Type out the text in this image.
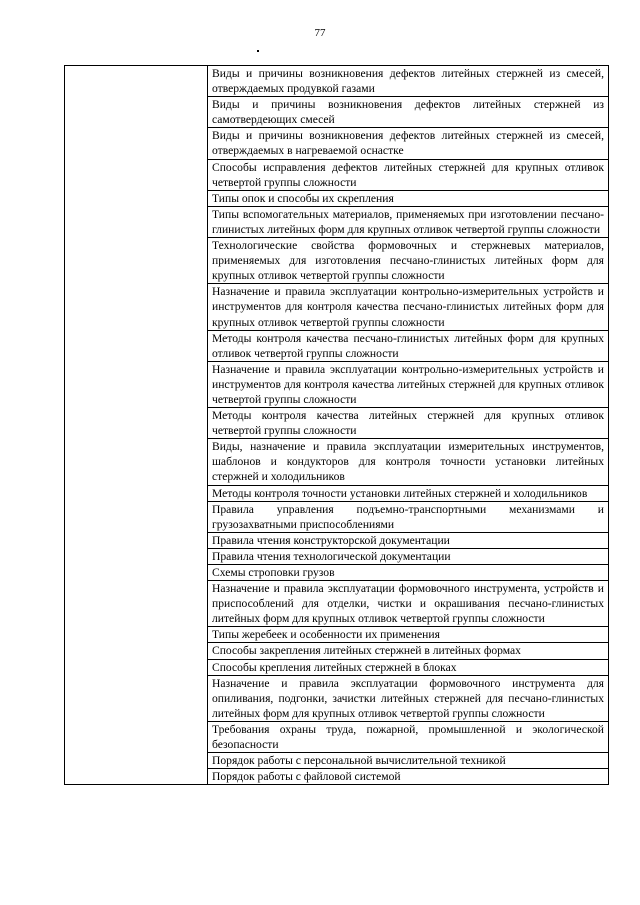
77
	Виды и причины возникновения дефектов литейных стержней из смесей, отверждаемых продувкой газами
Виды и причины возникновения дефектов литейных стержней из самотвердеющих смесей
Виды и причины возникновения дефектов литейных стержней из смесей, отверждаемых в нагреваемой оснастке
Способы исправления дефектов литейных стержней для крупных отливок четвертой группы сложности
Типы опок и способы их скрепления
Типы вспомогательных материалов, применяемых при изготовлении песчано-глинистых литейных форм для крупных отливок четвертой группы сложности
Технологические свойства формовочных и стержневых материалов, применяемых для изготовления песчано-глинистых литейных форм для крупных отливок четвертой группы сложности
Назначение и правила эксплуатации контрольно-измерительных устройств и инструментов для контроля качества песчано-глинистых литейных форм для крупных отливок четвертой группы сложности
Методы контроля качества песчано-глинистых литейных форм для крупных отливок четвертой группы сложности
Назначение и правила эксплуатации контрольно-измерительных устройств и инструментов для контроля качества литейных стержней для крупных отливок четвертой группы сложности
Методы контроля качества литейных стержней для крупных отливок четвертой группы сложности
Виды, назначение и правила эксплуатации измерительных инструментов, шаблонов и кондукторов для контроля точности установки литейных стержней и холодильников
Методы контроля точности установки литейных стержней и холодильников
Правила управления подъемно-транспортными механизмами и грузозахватными приспособлениями
Правила чтения конструкторской документации
Правила чтения технологической документации
Схемы строповки грузов
Назначение и правила эксплуатации формовочного инструмента, устройств и приспособлений для отделки, чистки и окрашивания песчано-глинистых литейных форм для крупных отливок четвертой группы сложности
Типы жеребеек и особенности их применения
Способы закрепления литейных стержней в литейных формах
Способы крепления литейных стержней в блоках
Назначение и правила эксплуатации формовочного инструмента для опиливания, подгонки, зачистки литейных стержней для песчано-глинистых литейных форм для крупных отливок четвертой группы сложности
Требования охраны труда, пожарной, промышленной и экологической безопасности
Порядок работы с персональной вычислительной техникой
Порядок работы с файловой системой
